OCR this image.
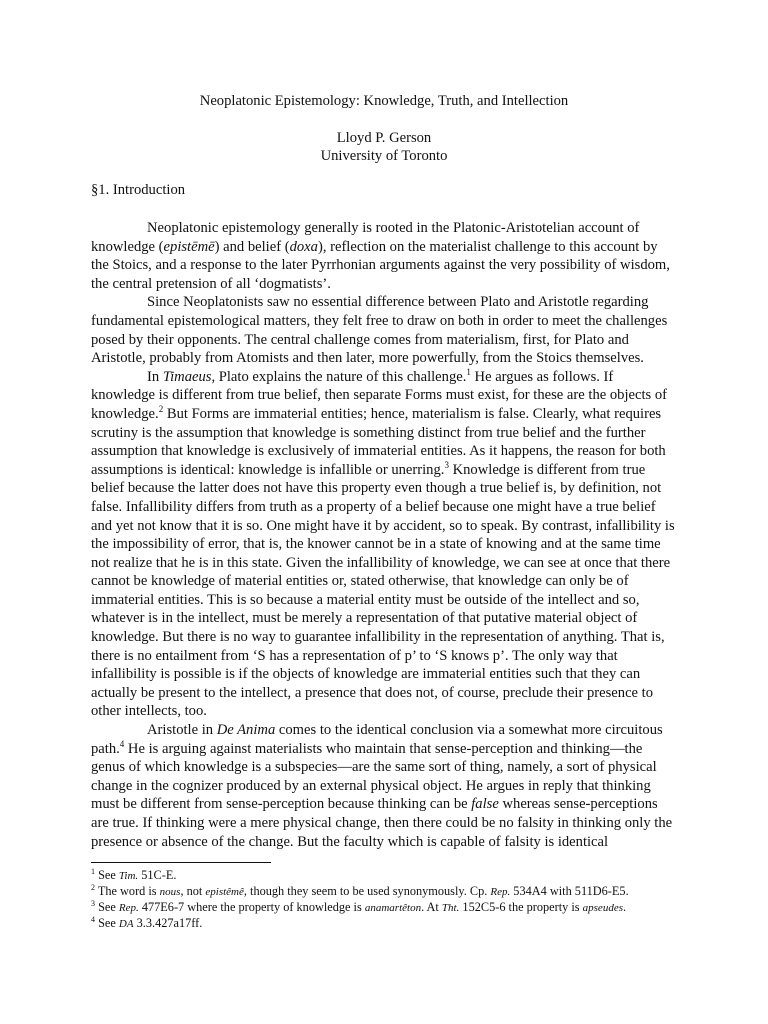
Neoplatonic Epistemology: Knowledge, Truth, and Intellection
Lloyd P. Gerson
University of Toronto
§1. Introduction

Neoplatonic epistemology generally is rooted in the Platonic-Aristotelian account of knowledge (epistēmē) and belief (doxa), reflection on the materialist challenge to this account by the Stoics, and a response to the later Pyrrhonian arguments against the very possibility of wisdom, the central pretension of all ‘dogmatists’.

Since Neoplatonists saw no essential difference between Plato and Aristotle regarding fundamental epistemological matters, they felt free to draw on both in order to meet the challenges posed by their opponents. The central challenge comes from materialism, first, for Plato and Aristotle, probably from Atomists and then later, more powerfully, from the Stoics themselves.

In Timaeus, Plato explains the nature of this challenge.$^1$ He argues as follows. If knowledge is different from true belief, then separate Forms must exist, for these are the objects of knowledge.$^2$ But Forms are immaterial entities; hence, materialism is false. Clearly, what requires scrutiny is the assumption that knowledge is something distinct from true belief and the further assumption that knowledge is exclusively of immaterial entities. As it happens, the reason for both assumptions is identical: knowledge is infallible or unerring.$^3$ Knowledge is different from true belief because the latter does not have this property even though a true belief is, by definition, not false. Infallibility differs from truth as a property of a belief because one might have a true belief and yet not know that it is so. One might have it by accident, so to speak. By contrast, infallibility is the impossibility of error, that is, the knower cannot be in a state of knowing and at the same time not realize that he is in this state. Given the infallibility of knowledge, we can see at once that there cannot be knowledge of material entities or, stated otherwise, that knowledge can only be of immaterial entities. This is so because a material entity must be outside of the intellect and so, whatever is in the intellect, must be merely a representation of that putative material object of knowledge. But there is no way to guarantee infallibility in the representation of anything. That is, there is no entailment from ‘S has a representation of p’ to ‘S knows p’. The only way that infallibility is possible is if the objects of knowledge are immaterial entities such that they can actually be present to the intellect, a presence that does not, of course, preclude their presence to other intellects, too.

Aristotle in De Anima comes to the identical conclusion via a somewhat more circuitous path.$^4$ He is arguing against materialists who maintain that sense-perception and thinking—the genus of which knowledge is a subspecies—are the same sort of thing, namely, a sort of physical change in the cognizer produced by an external physical object. He argues in reply that thinking must be different from sense-perception because thinking can be false whereas sense-perceptions are true. If thinking were a mere physical change, then there could be no falsity in thinking only the presence or absence of the change. But the faculty which is capable of falsity is identical

$^1$ See Tim. 51C-E.

$^2$ The word is nous, not epistêmê, though they seem to be used synonymously. Cp. Rep. 534A4 with 511D6-E5.

$^3$ See Rep. 477E6-7 where the property of knowledge is anamartêton. At Tht. 152C5-6 the property is apseudes.

$^4$ See DA 3.3.427a17ff.
